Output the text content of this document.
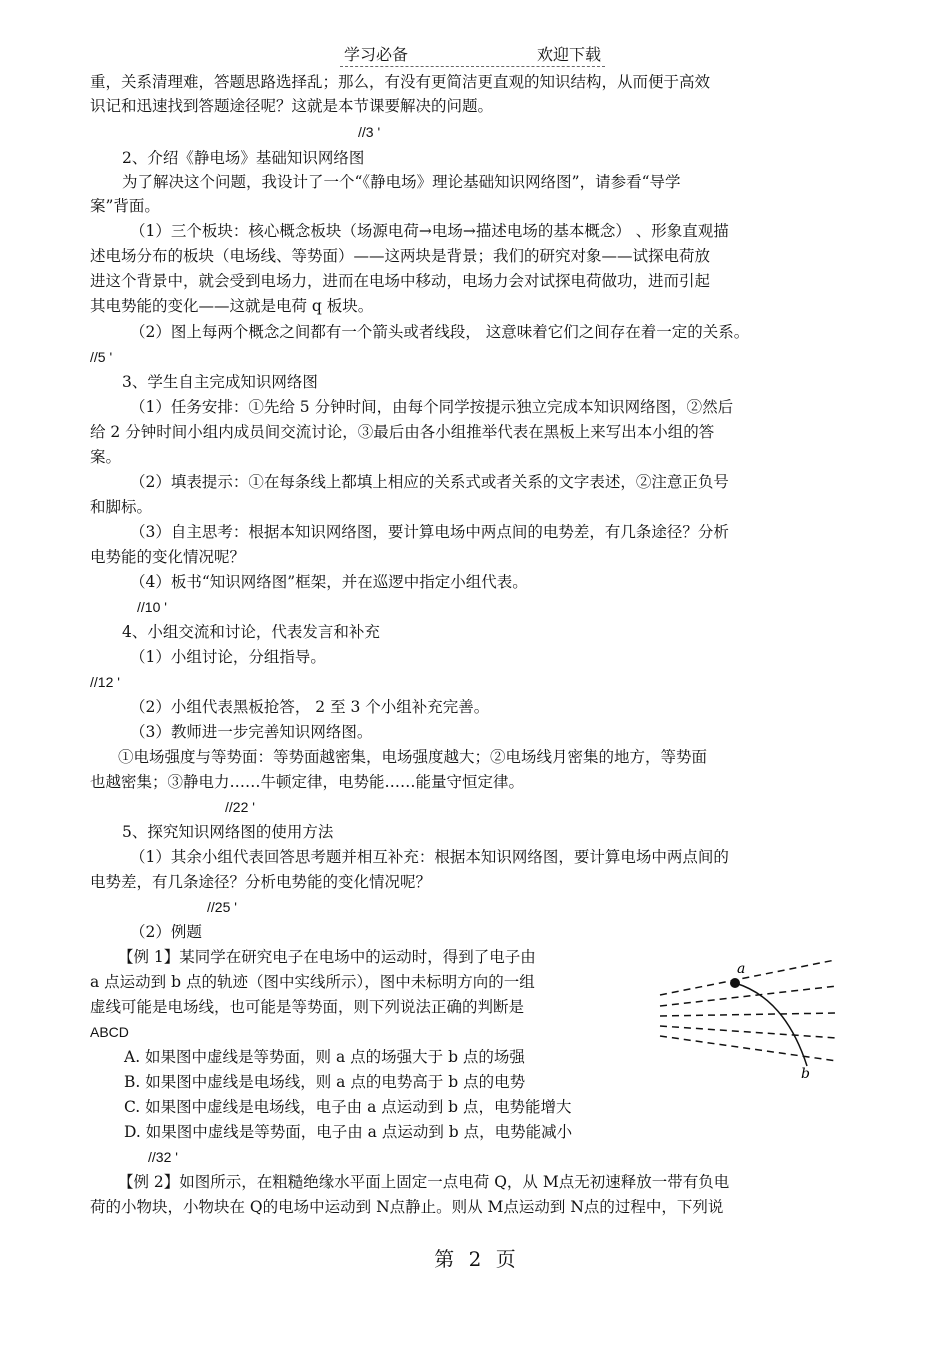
学习必备	欢迎下载
重，关系清理难，答题思路选择乱；那么，有没有更简洁更直观的知识结构，从而便于高效
识记和迅速找到答题途径呢？这就是本节课要解决的问题。
//3 '
2、介绍《静电场》基础知识网络图
为了解决这个问题，我设计了一个“《静电场》理论基础知识网络图”，请参看“导学
案”背面。
（1）三个板块：核心概念板块（场源电荷→电场→描述电场的基本概念） 、形象直观描
述电场分布的板块（电场线、等势面）——这两块是背景；我们的研究对象——试探电荷放
进这个背景中，就会受到电场力，进而在电场中移动，电场力会对试探电荷做功，进而引起
其电势能的变化——这就是电荷 q 板块。
（2）图上每两个概念之间都有一个箭头或者线段， 这意味着它们之间存在着一定的关系。
//5 '
3、学生自主完成知识网络图
（1）任务安排：①先给 5 分钟时间，由每个同学按提示独立完成本知识网络图，②然后
给 2 分钟时间小组内成员间交流讨论，③最后由各小组推举代表在黑板上来写出本小组的答
案。
（2）填表提示：①在每条线上都填上相应的关系式或者关系的文字表述，②注意正负号
和脚标。
（3）自主思考：根据本知识网络图，要计算电场中两点间的电势差，有几条途径？分析
电势能的变化情况呢？
（4）板书“知识网络图”框架，并在巡逻中指定小组代表。
//10 '
4、小组交流和讨论，代表发言和补充
（1）小组讨论，分组指导。
//12 '
（2）小组代表黑板抢答， 2 至 3 个小组补充完善。
（3）教师进一步完善知识网络图。
①电场强度与等势面：等势面越密集，电场强度越大；②电场线月密集的地方，等势面
也越密集；③静电力……牛顿定律，电势能……能量守恒定律。
//22 '
5、探究知识网络图的使用方法
（1）其余小组代表回答思考题并相互补充：根据本知识网络图，要计算电场中两点间的
电势差，有几条途径？分析电势能的变化情况呢？
//25 '
（2）例题
【例 1】某同学在研究电子在电场中的运动时，得到了电子由
a 点运动到 b 点的轨迹（图中实线所示），图中未标明方向的一组
虚线可能是电场线，也可能是等势面，则下列说法正确的判断是
ABCD
A. 如果图中虚线是等势面，则 a 点的场强大于 b 点的场强
B. 如果图中虚线是电场线，则 a 点的电势高于 b 点的电势
C. 如果图中虚线是电场线，电子由 a 点运动到 b 点，电势能增大
D. 如果图中虚线是等势面，电子由 a 点运动到 b 点，电势能减小
//32 '
【例 2】如图所示，在粗糙绝缘水平面上固定一点电荷 Q，从 M点无初速释放一带有负电
荷的小物块，小物块在 Q的电场中运动到 N点静止。则从 M点运动到 N点的过程中，下列说
a
b
第 2 页
